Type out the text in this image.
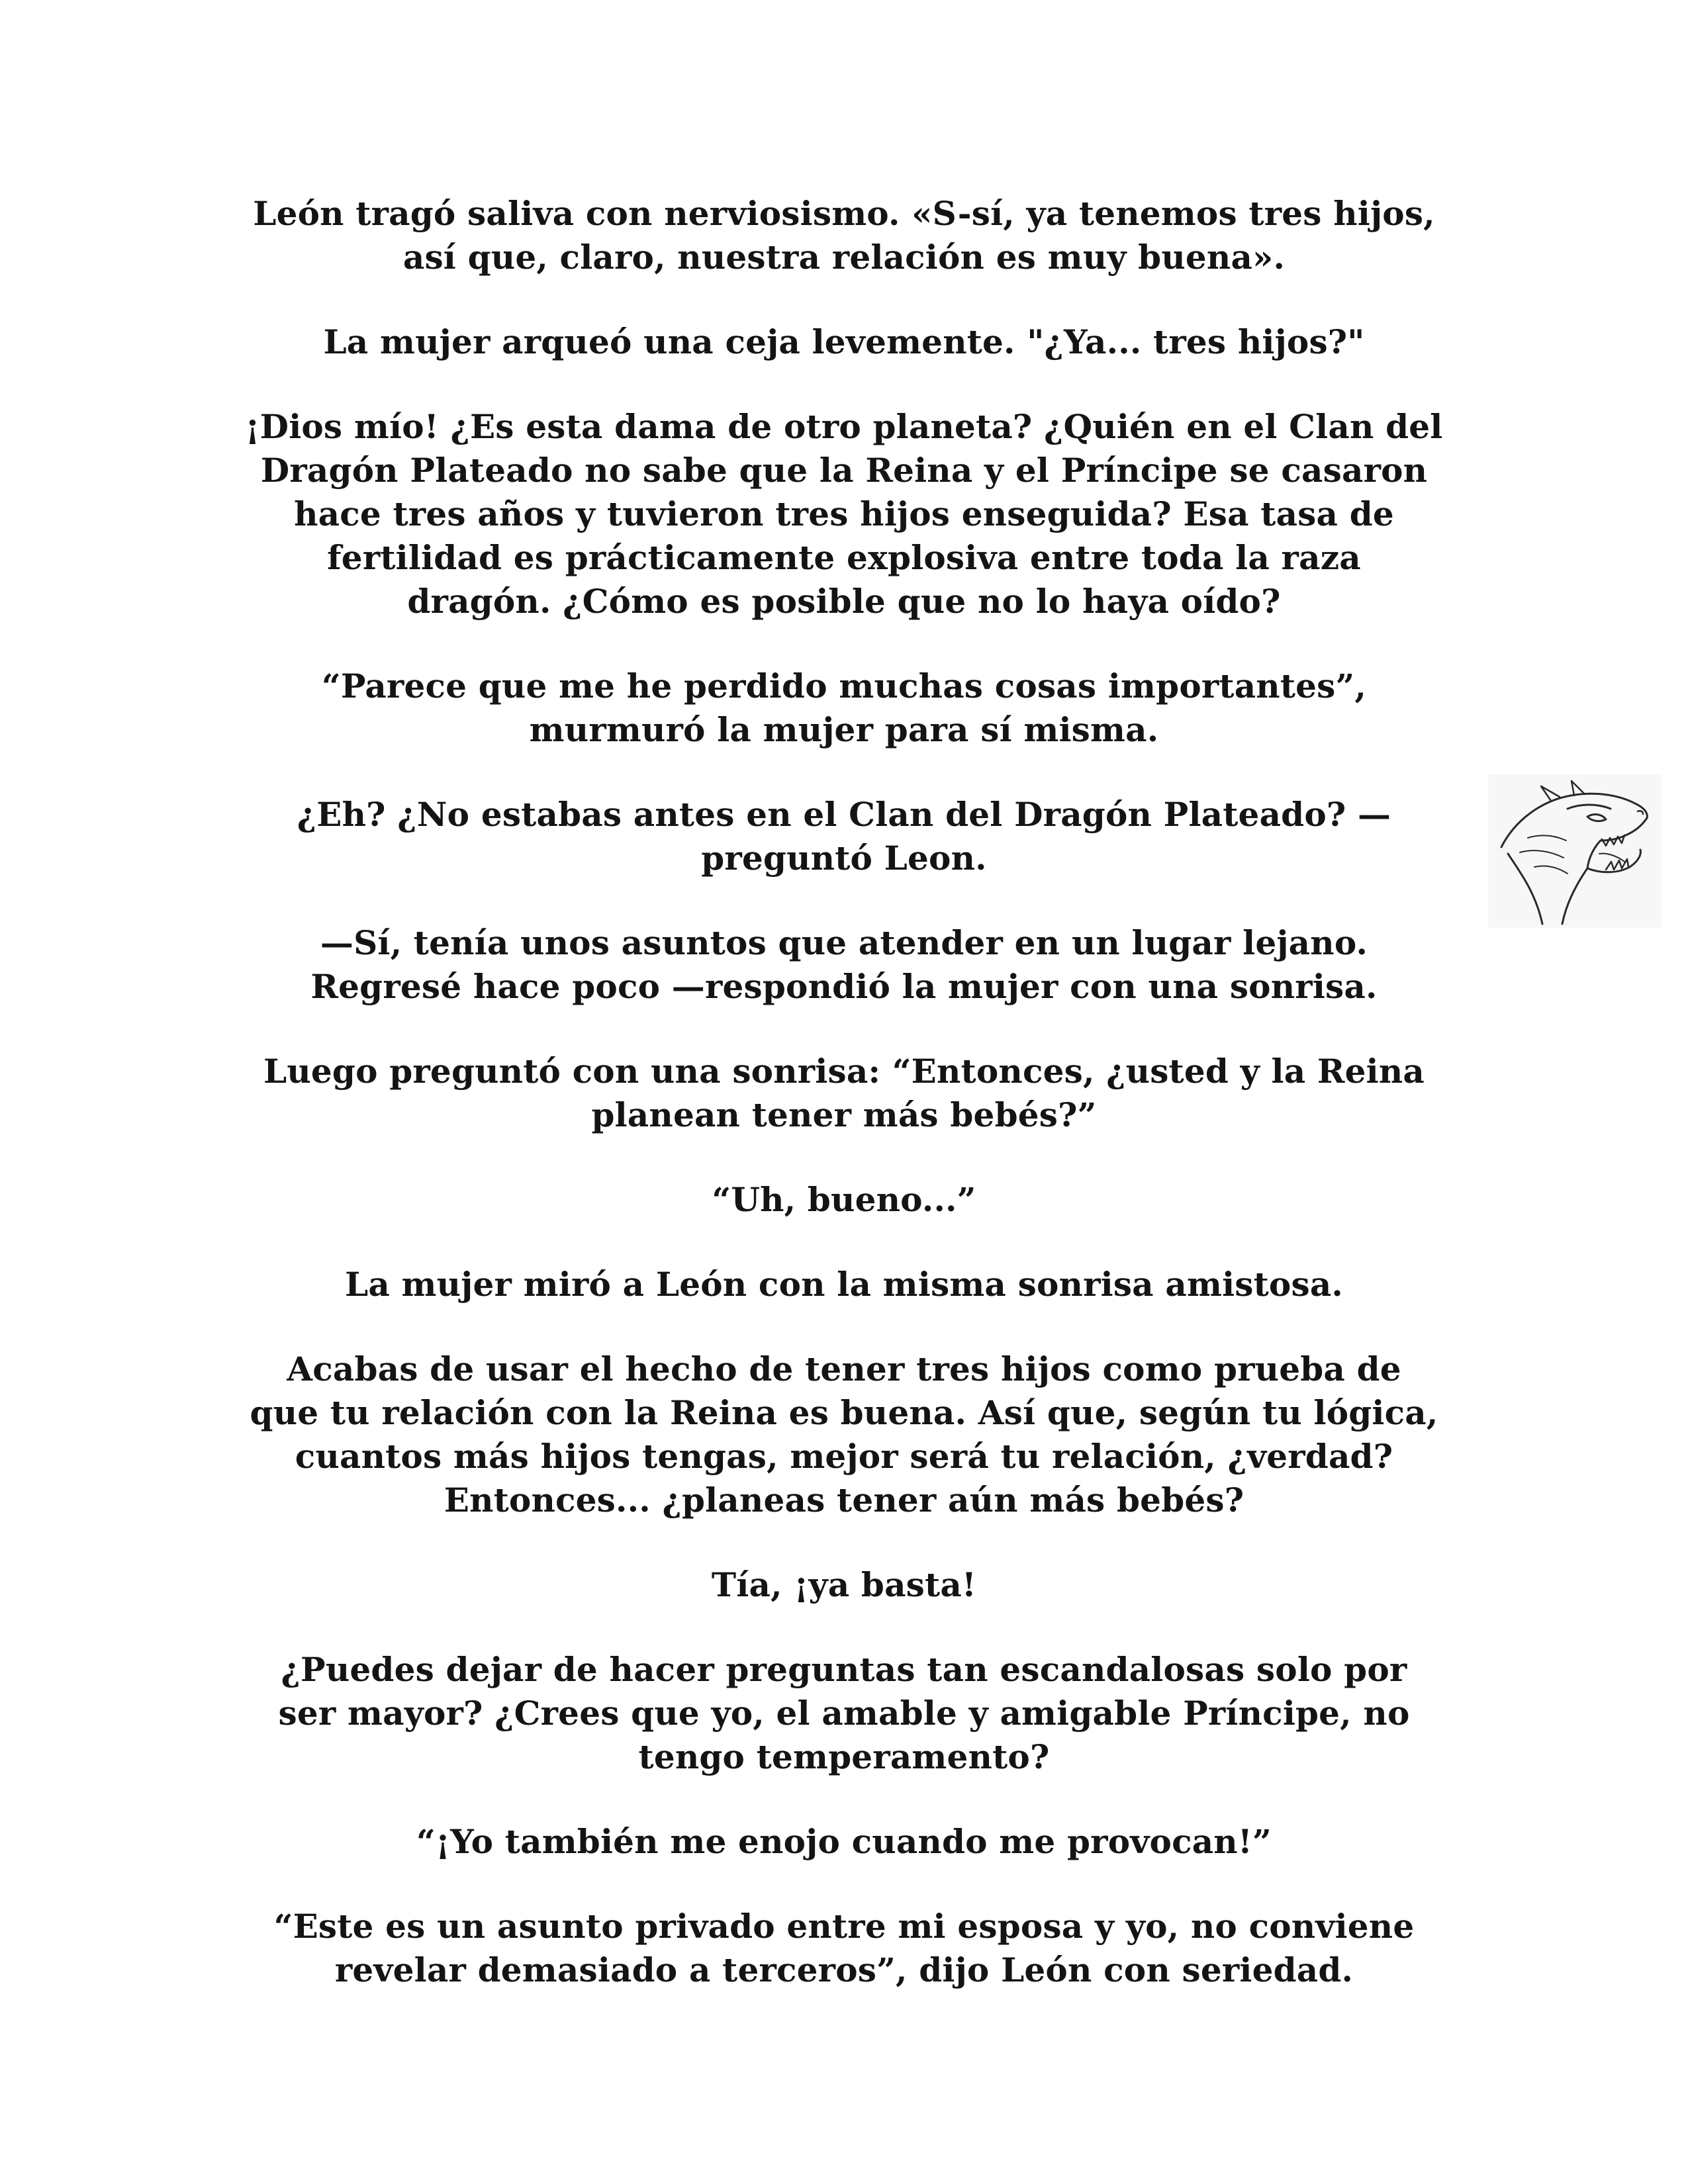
León tragó saliva con nerviosismo. «S-sí, ya tenemos tres hijos,
así que, claro, nuestra relación es muy buena».

La mujer arqueó una ceja levemente. "¿Ya... tres hijos?"

¡Dios mío! ¿Es esta dama de otro planeta? ¿Quién en el Clan del
Dragón Plateado no sabe que la Reina y el Príncipe se casaron
hace tres años y tuvieron tres hijos enseguida? Esa tasa de
fertilidad es prácticamente explosiva entre toda la raza
dragón. ¿Cómo es posible que no lo haya oído?

“Parece que me he perdido muchas cosas importantes”,
murmuró la mujer para sí misma.

¿Eh? ¿No estabas antes en el Clan del Dragón Plateado? —
preguntó Leon.

—Sí, tenía unos asuntos que atender en un lugar lejano.
Regresé hace poco —respondió la mujer con una sonrisa.

Luego preguntó con una sonrisa: “Entonces, ¿usted y la Reina
planean tener más bebés?”

“Uh, bueno...”

La mujer miró a León con la misma sonrisa amistosa.

Acabas de usar el hecho de tener tres hijos como prueba de
que tu relación con la Reina es buena. Así que, según tu lógica,
cuantos más hijos tengas, mejor será tu relación, ¿verdad?
Entonces... ¿planeas tener aún más bebés?

Tía, ¡ya basta!

¿Puedes dejar de hacer preguntas tan escandalosas solo por
ser mayor? ¿Crees que yo, el amable y amigable Príncipe, no
tengo temperamento?

“¡Yo también me enojo cuando me provocan!”

“Este es un asunto privado entre mi esposa y yo, no conviene
revelar demasiado a terceros”, dijo León con seriedad.
